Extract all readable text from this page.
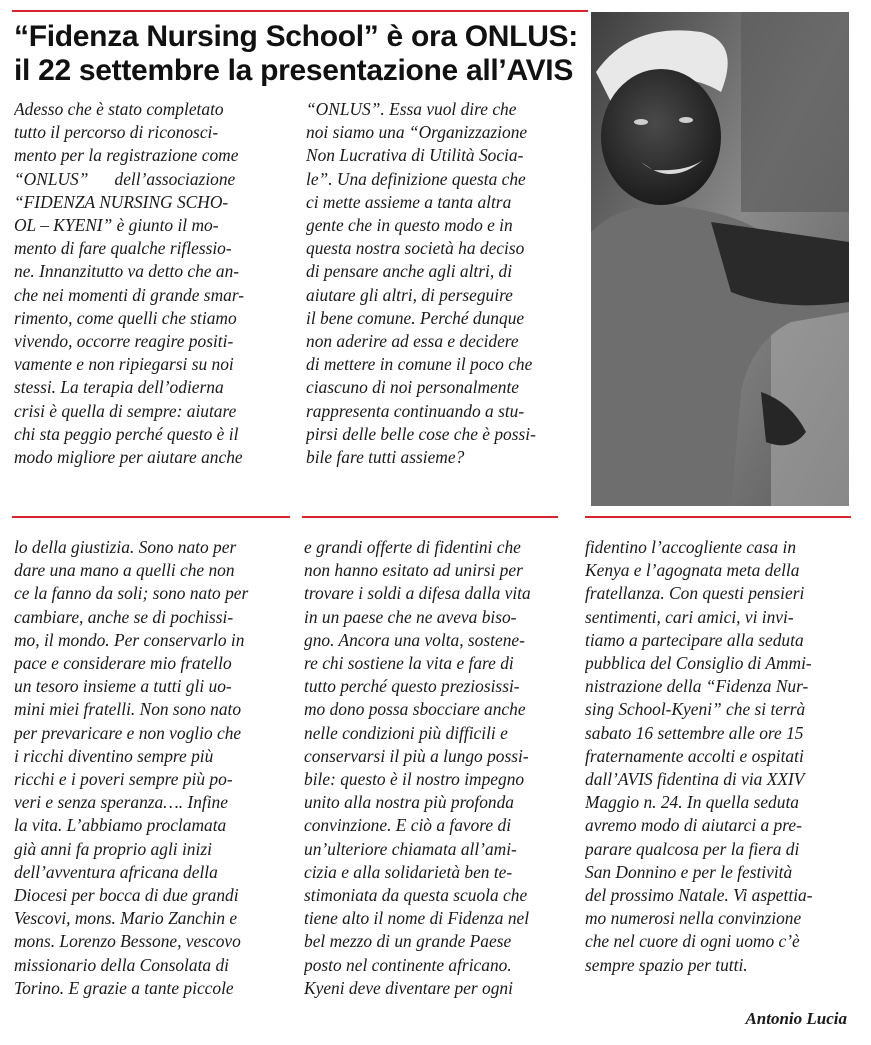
“Fidenza Nursing School” è ora ONLUS:
il 22 settembre la presentazione all’AVIS
Adesso che è stato completato
tutto il percorso di riconosci-
mento per la registrazione come
“ONLUS”      dell’associazione
“FIDENZA NURSING SCHO-
OL – KYENI” è giunto il mo-
mento di fare qualche riflessio-
ne. Innanzitutto va detto che an-
che nei momenti di grande smar-
rimento, come quelli che stiamo
vivendo, occorre reagire positi-
vamente e non ripiegarsi su noi
stessi. La terapia dell’odierna
crisi è quella di sempre: aiutare
chi sta peggio perché questo è il
modo migliore per aiutare anche
“ONLUS”. Essa vuol dire che
noi siamo una “Organizzazione
Non Lucrativa di Utilità Socia-
le”. Una definizione questa che
ci mette assieme a tanta altra
gente che in questo modo e in
questa nostra società ha deciso
di pensare anche agli altri, di
aiutare gli altri, di perseguire
il bene comune. Perché dunque
non aderire ad essa e decidere
di mettere in comune il poco che
ciascuno di noi personalmente
rappresenta continuando a stu-
pirsi delle belle cose che è possi-
bile fare tutti assieme?
lo della giustizia. Sono nato per
dare una mano a quelli che non
ce la fanno da soli; sono nato per
cambiare, anche se di pochissi-
mo, il mondo. Per conservarlo in
pace e considerare mio fratello
un tesoro insieme a tutti gli uo-
mini miei fratelli. Non sono nato
per prevaricare e non voglio che
i ricchi diventino sempre più
ricchi e i poveri sempre più po-
veri e senza speranza…. Infine
la vita. L’abbiamo proclamata
già anni fa proprio agli inizi
dell’avventura africana della
Diocesi per bocca di due grandi
Vescovi, mons. Mario Zanchin e
mons. Lorenzo Bessone, vescovo
missionario della Consolata di
Torino. E grazie a tante piccole
e grandi offerte di fidentini che
non hanno esitato ad unirsi per
trovare i soldi a difesa dalla vita
in un paese che ne aveva biso-
gno. Ancora una volta, sostene-
re chi sostiene la vita e fare di
tutto perché questo preziosissi-
mo dono possa sbocciare anche
nelle condizioni più difficili e
conservarsi il più a lungo possi-
bile: questo è il nostro impegno
unito alla nostra più profonda
convinzione. E ciò a favore di
un’ulteriore chiamata all’ami-
cizia e alla solidarietà ben te-
stimoniata da questa scuola che
tiene alto il nome di Fidenza nel
bel mezzo di un grande Paese
posto nel continente africano.
Kyeni deve diventare per ogni
fidentino l’accogliente casa in
Kenya e l’agognata meta della
fratellanza. Con questi pensieri
sentimenti, cari amici, vi invi-
tiamo a partecipare alla seduta
pubblica del Consiglio di Ammi-
nistrazione della “Fidenza Nur-
sing School-Kyeni” che si terrà
sabato 16 settembre alle ore 15
fraternamente accolti e ospitati
dall’AVIS fidentina di via XXIV
Maggio n. 24. In quella seduta
avremo modo di aiutarci a pre-
parare qualcosa per la fiera di
San Donnino e per le festività
del prossimo Natale. Vi aspettia-
mo numerosi nella convinzione
che nel cuore di ogni uomo c’è
sempre spazio per tutti.
Antonio Lucia
